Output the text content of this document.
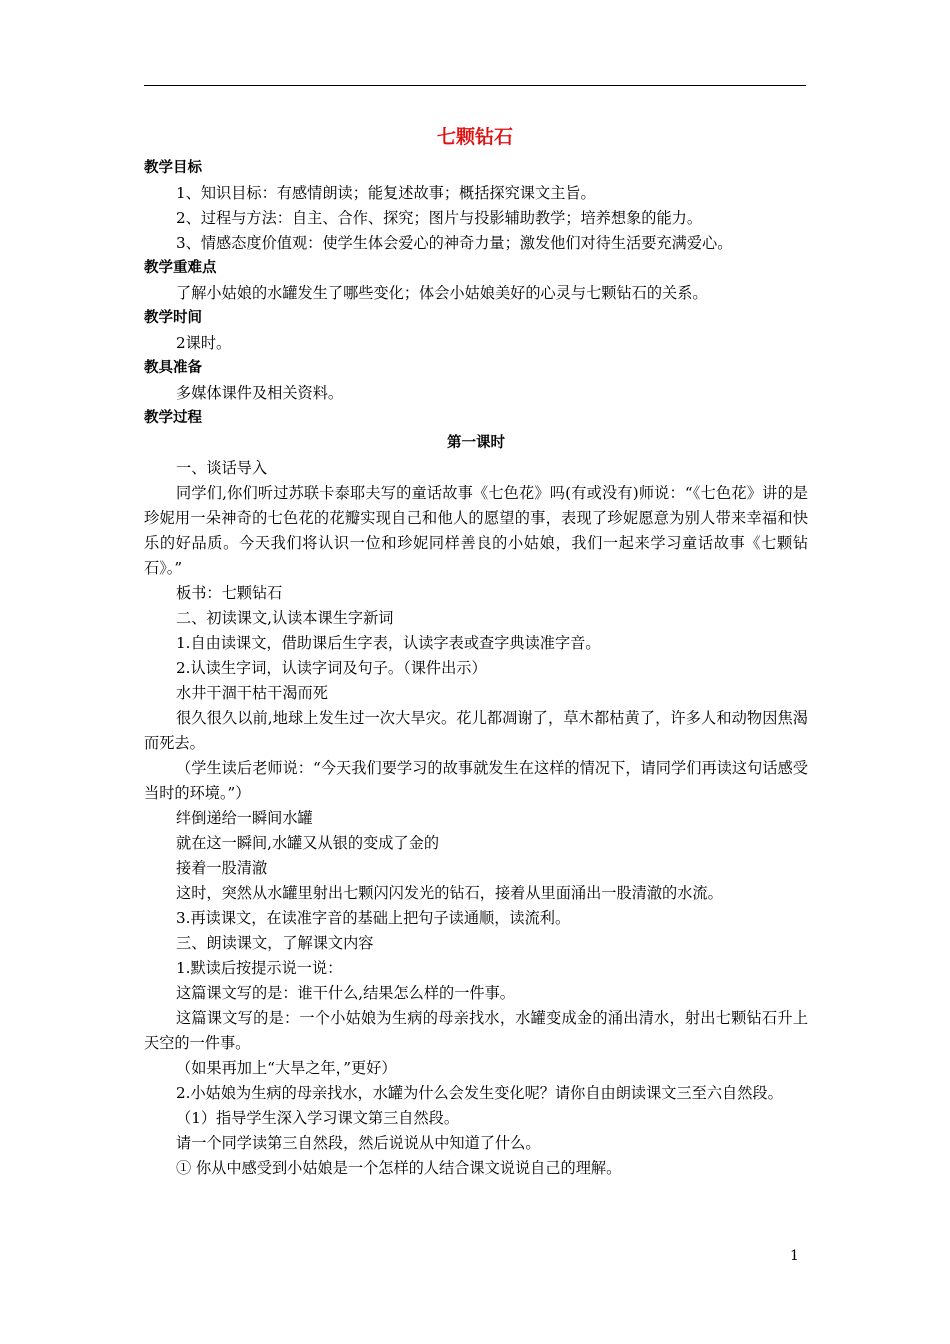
七颗钻石

教学目标

1、知识目标：有感情朗读；能复述故事；概括探究课文主旨。

2、过程与方法：自主、合作、探究；图片与投影辅助教学；培养想象的能力。

3、情感态度价值观：使学生体会爱心的神奇力量；激发他们对待生活要充满爱心。

教学重难点

了解小姑娘的水罐发生了哪些变化；体会小姑娘美好的心灵与七颗钻石的关系。

教学时间

2课时。

教具准备

多媒体课件及相关资料。

教学过程

第一课时

一、谈话导入

同学们,你们听过苏联卡泰耶夫写的童话故事《七色花》吗(有或没有)师说：“《七色花》讲的是珍妮用一朵神奇的七色花的花瓣实现自己和他人的愿望的事，表现了珍妮愿意为别人带来幸福和快乐的好品质。今天我们将认识一位和珍妮同样善良的小姑娘，我们一起来学习童话故事《七颗钻石》。”

板书：七颗钻石

二、初读课文,认读本课生字新词

1.自由读课文，借助课后生字表，认读字表或查字典读准字音。

2.认读生字词，认读字词及句子。（课件出示）

水井干涸干枯干渴而死

很久很久以前,地球上发生过一次大旱灾。花儿都凋谢了，草木都枯黄了，许多人和动物因焦渴而死去。

（学生读后老师说：“今天我们要学习的故事就发生在这样的情况下，请同学们再读这句话感受当时的环境。”）

绊倒递给一瞬间水罐

就在这一瞬间,水罐又从银的变成了金的

接着一股清澈

这时，突然从水罐里射出七颗闪闪发光的钻石，接着从里面涌出一股清澈的水流。

3.再读课文，在读准字音的基础上把句子读通顺，读流利。

三、朗读课文，了解课文内容

1.默读后按提示说一说：

这篇课文写的是：谁干什么,结果怎么样的一件事。

这篇课文写的是：一个小姑娘为生病的母亲找水，水罐变成金的涌出清水，射出七颗钻石升上天空的一件事。

（如果再加上“大旱之年，”更好）

2.小姑娘为生病的母亲找水，水罐为什么会发生变化呢？请你自由朗读课文三至六自然段。

（1）指导学生深入学习课文第三自然段。

请一个同学读第三自然段，然后说说从中知道了什么。

① 你从中感受到小姑娘是一个怎样的人结合课文说说自己的理解。

1
